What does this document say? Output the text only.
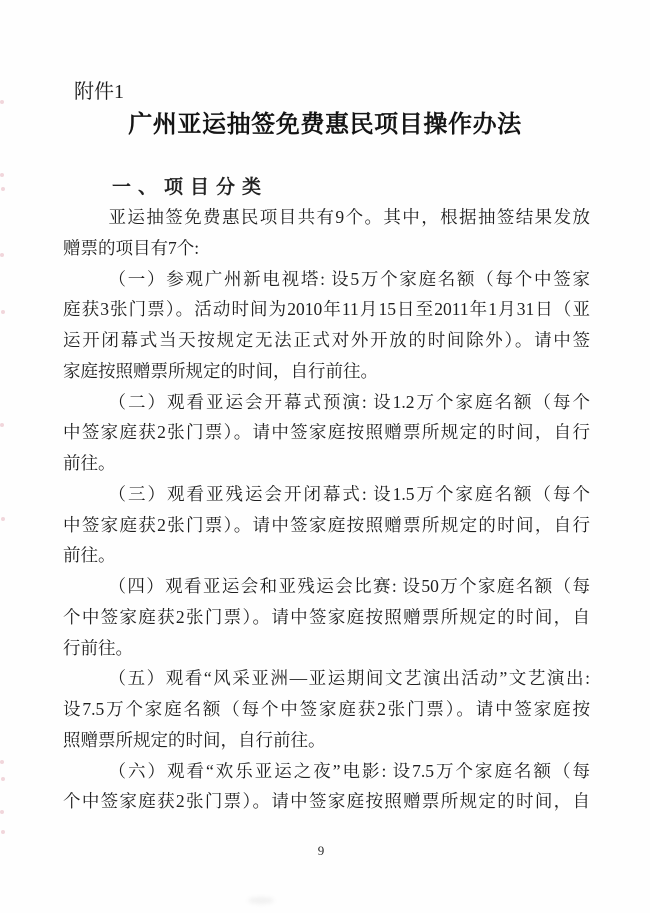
附件1
广州亚运抽签免费惠民项目操作办法
一、项目分类
亚运抽签免费惠民项目共有9个。其中，根据抽签结果发放
赠票的项目有7个:
（一）参观广州新电视塔: 设5万个家庭名额（每个中签家
庭获3张门票）。活动时间为2010年11月15日至2011年1月31日（亚
运开闭幕式当天按规定无法正式对外开放的时间除外）。请中签
家庭按照赠票所规定的时间，自行前往。
（二）观看亚运会开幕式预演: 设1.2万个家庭名额（每个
中签家庭获2张门票）。请中签家庭按照赠票所规定的时间，自行
前往。
（三）观看亚残运会开闭幕式: 设1.5万个家庭名额（每个
中签家庭获2张门票）。请中签家庭按照赠票所规定的时间，自行
前往。
（四）观看亚运会和亚残运会比赛: 设50万个家庭名额（每
个中签家庭获2张门票）。请中签家庭按照赠票所规定的时间，自
行前往。
（五）观看“风采亚洲—亚运期间文艺演出活动”文艺演出:
设7.5万个家庭名额（每个中签家庭获2张门票）。请中签家庭按
照赠票所规定的时间，自行前往。
（六）观看“欢乐亚运之夜”电影: 设7.5万个家庭名额（每
个中签家庭获2张门票）。请中签家庭按照赠票所规定的时间，自
9
